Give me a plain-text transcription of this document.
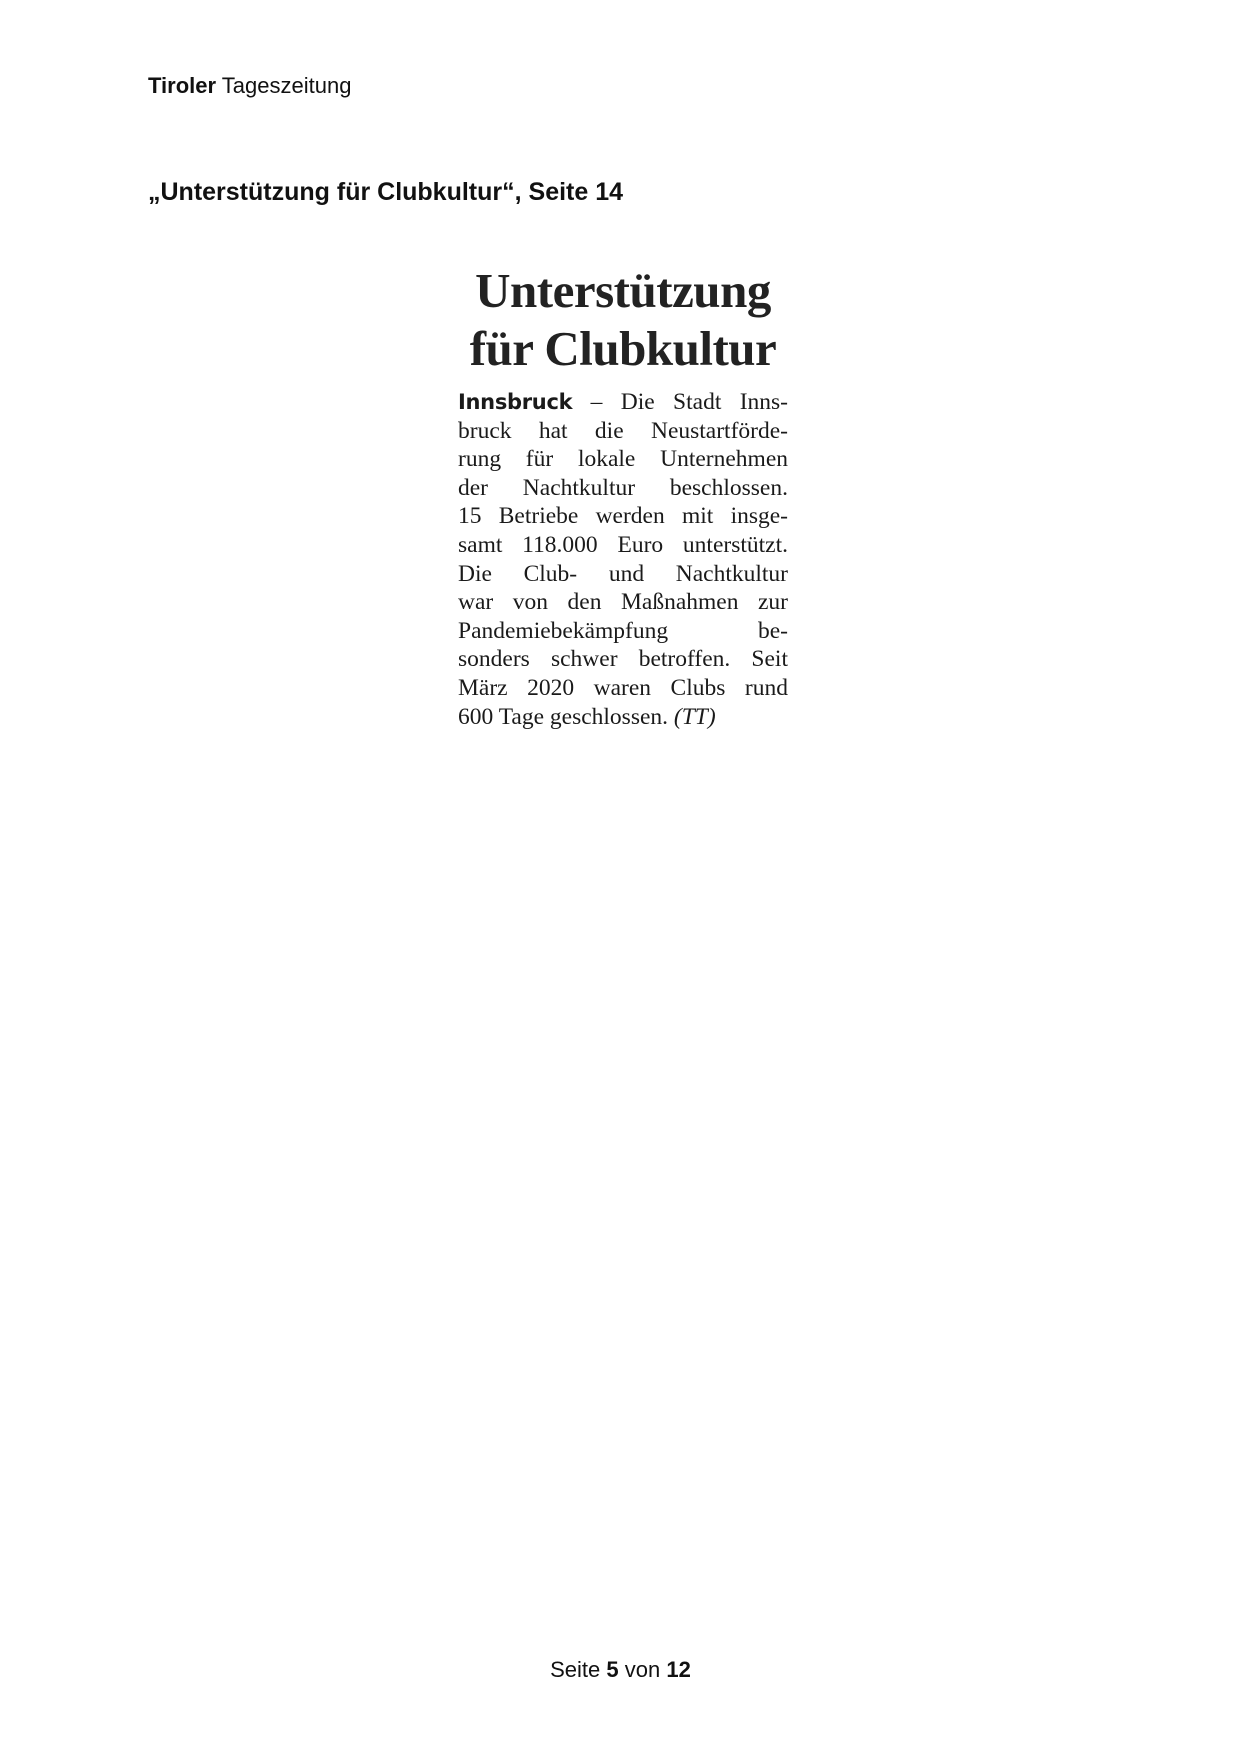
Tiroler Tageszeitung
„Unterstützung für Clubkultur“, Seite 14
Unterstützung
für Clubkultur
Innsbruck – Die Stadt Inns-
bruck hat die Neustartförde-
rung für lokale Unternehmen
der Nachtkultur beschlossen.
15 Betriebe werden mit insge-
samt 118.000 Euro unterstützt.
Die Club- und Nachtkultur
war von den Maßnahmen zur
Pandemiebekämpfung be-
sonders schwer betroffen. Seit
März 2020 waren Clubs rund
600 Tage geschlossen. (TT)
Seite 5 von 12
